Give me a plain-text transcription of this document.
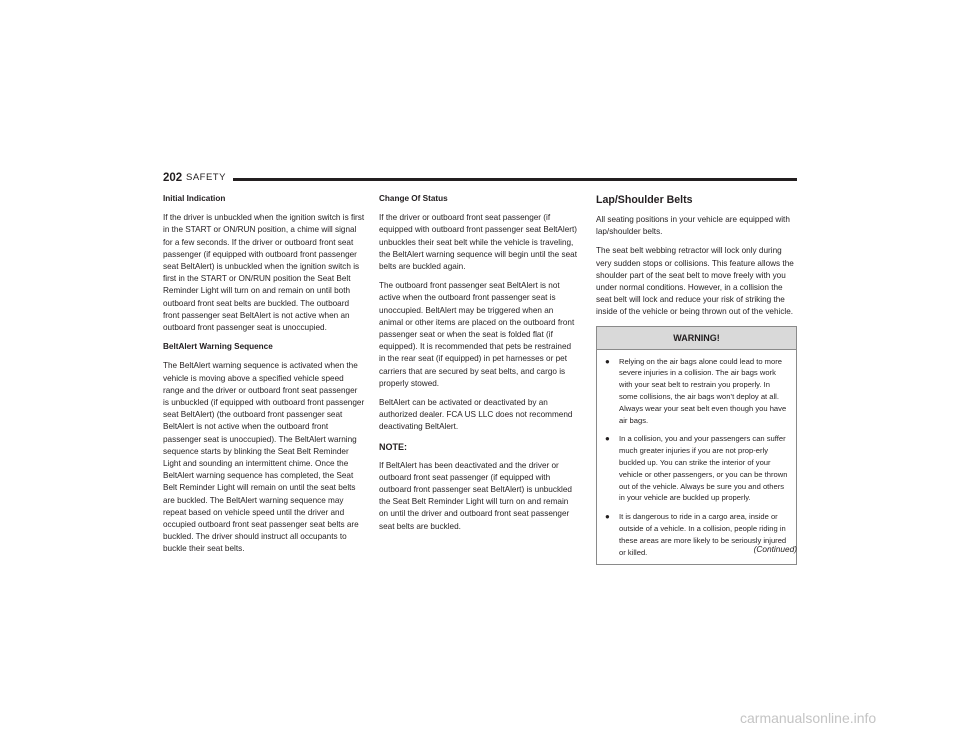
202 SAFETY

Initial Indication

If the driver is unbuckled when the ignition switch is first in the START or ON/RUN position, a chime will signal for a few seconds. If the driver or outboard front seat passenger (if equipped with outboard front passenger seat BeltAlert) is unbuckled when the ignition switch is first in the START or ON/RUN position the Seat Belt Reminder Light will turn on and remain on until both outboard front seat belts are buckled. The outboard front passenger seat BeltAlert is not active when an outboard front passenger seat is unoccupied.

BeltAlert Warning Sequence

The BeltAlert warning sequence is activated when the vehicle is moving above a specified vehicle speed range and the driver or outboard front seat passenger is unbuckled (if equipped with outboard front passenger seat BeltAlert) (the outboard front passenger seat BeltAlert is not active when the outboard front passenger seat is unoccupied). The BeltAlert warning sequence starts by blinking the Seat Belt Reminder Light and sounding an intermittent chime. Once the BeltAlert warning sequence has completed, the Seat Belt Reminder Light will remain on until the seat belts are buckled. The BeltAlert warning sequence may repeat based on vehicle speed until the driver and occupied outboard front seat passenger seat belts are buckled. The driver should instruct all occupants to buckle their seat belts.

Change Of Status

If the driver or outboard front seat passenger (if equipped with outboard front passenger seat BeltAlert) unbuckles their seat belt while the vehicle is traveling, the BeltAlert warning sequence will begin until the seat belts are buckled again.

The outboard front passenger seat BeltAlert is not active when the outboard front passenger seat is unoccupied. BeltAlert may be triggered when an animal or other items are placed on the outboard front passenger seat or when the seat is folded flat (if equipped). It is recommended that pets be restrained in the rear seat (if equipped) in pet harnesses or pet carriers that are secured by seat belts, and cargo is properly stowed.

BeltAlert can be activated or deactivated by an authorized dealer. FCA US LLC does not recommend deactivating BeltAlert.

NOTE:

If BeltAlert has been deactivated and the driver or outboard front seat passenger (if equipped with outboard front passenger seat BeltAlert) is unbuckled the Seat Belt Reminder Light will turn on and remain on until the driver and outboard front seat passenger seat belts are buckled.

Lap/Shoulder Belts

All seating positions in your vehicle are equipped with lap/shoulder belts.

The seat belt webbing retractor will lock only during very sudden stops or collisions. This feature allows the shoulder part of the seat belt to move freely with you under normal conditions. However, in a collision the seat belt will lock and reduce your risk of striking the inside of the vehicle or being thrown out of the vehicle.

WARNING!
● Relying on the air bags alone could lead to more severe injuries in a collision. The air bags work with your seat belt to restrain you properly. In some collisions, the air bags won’t deploy at all. Always wear your seat belt even though you have air bags.
● In a collision, you and your passengers can suffer much greater injuries if you are not prop-erly buckled up. You can strike the interior of your vehicle or other passengers, or you can be thrown out of the vehicle. Always be sure you and others in your vehicle are buckled up properly.
● It is dangerous to ride in a cargo area, inside or outside of a vehicle. In a collision, people riding in these areas are more likely to be seriously injured or killed.	(Continued)
carmanualsonline.info
